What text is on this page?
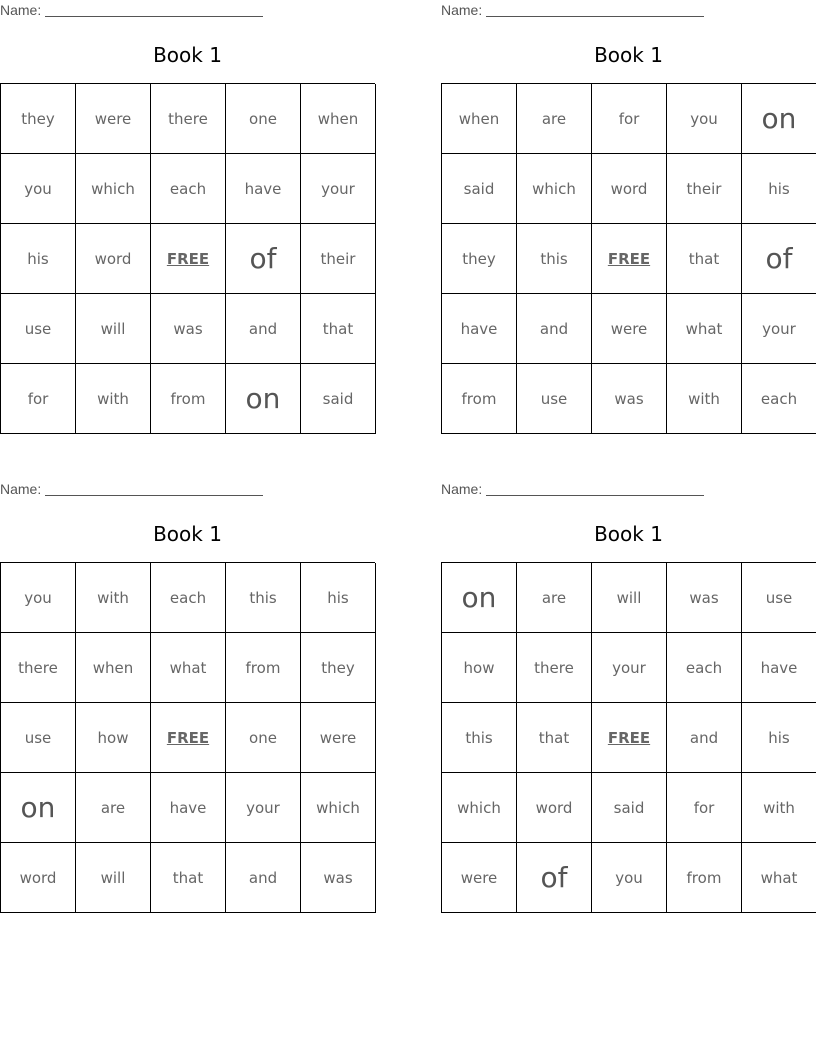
Name:
Book 1
they	were	there	one	when
you	which	each	have	your
his	word	FREE	of	their
use	will	was	and	that
for	with	from	on	said
Name:
Book 1
when	are	for	you	on
said	which	word	their	his
they	this	FREE	that	of
have	and	were	what	your
from	use	was	with	each
Name:
Book 1
you	with	each	this	his
there	when	what	from	they
use	how	FREE	one	were
on	are	have	your	which
word	will	that	and	was
Name:
Book 1
on	are	will	was	use
how	there	your	each	have
this	that	FREE	and	his
which	word	said	for	with
were	of	you	from	what
